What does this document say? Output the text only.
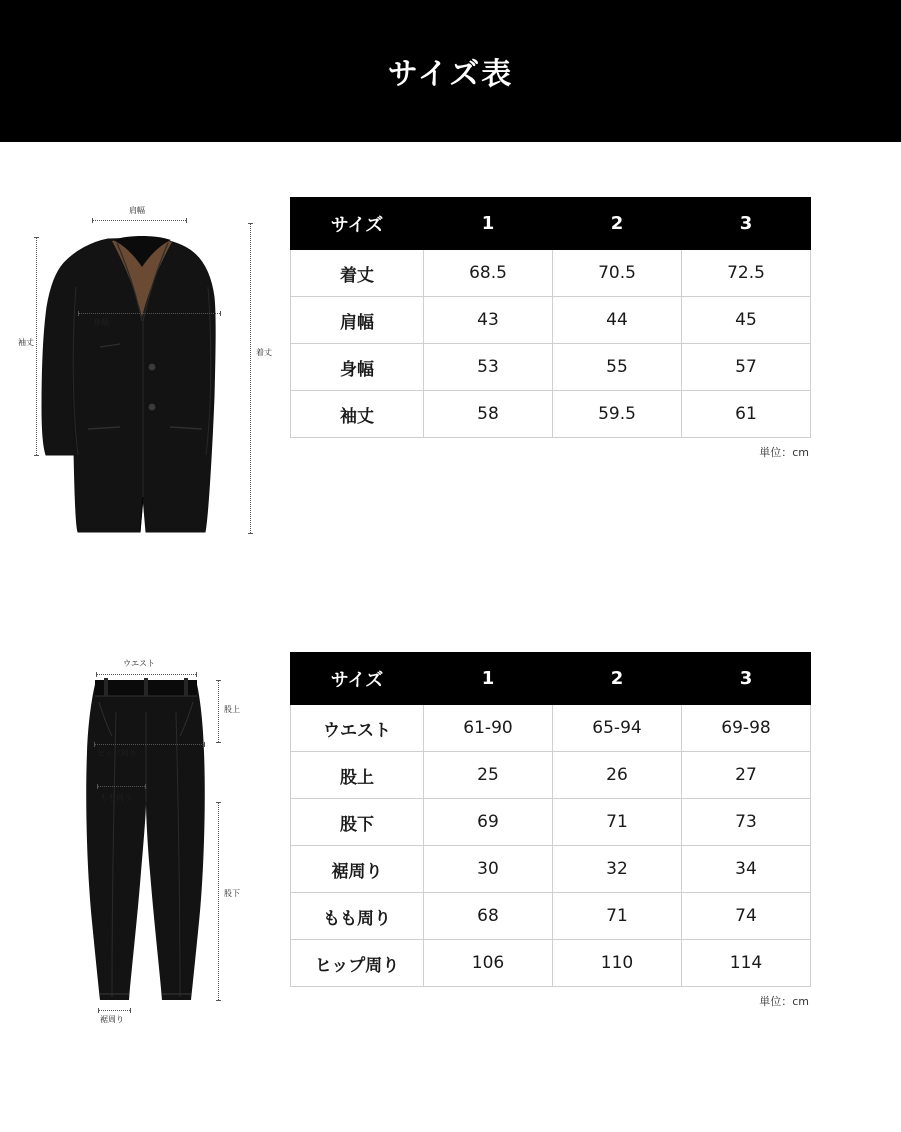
サイズ表
肩幅
身幅
袖丈
着丈
サイズ	1	2	3
着丈	68.5	70.5	72.5
肩幅	43	44	45
身幅	53	55	57
袖丈	58	59.5	61
単位：cm
ウエスト
ヒップ周り
もも周り
股上
股下
裾周り
サイズ	1	2	3
ウエスト	61-90	65-94	69-98
股上	25	26	27
股下	69	71	73
裾周り	30	32	34
もも周り	68	71	74
ヒップ周り	106	110	114
単位：cm
